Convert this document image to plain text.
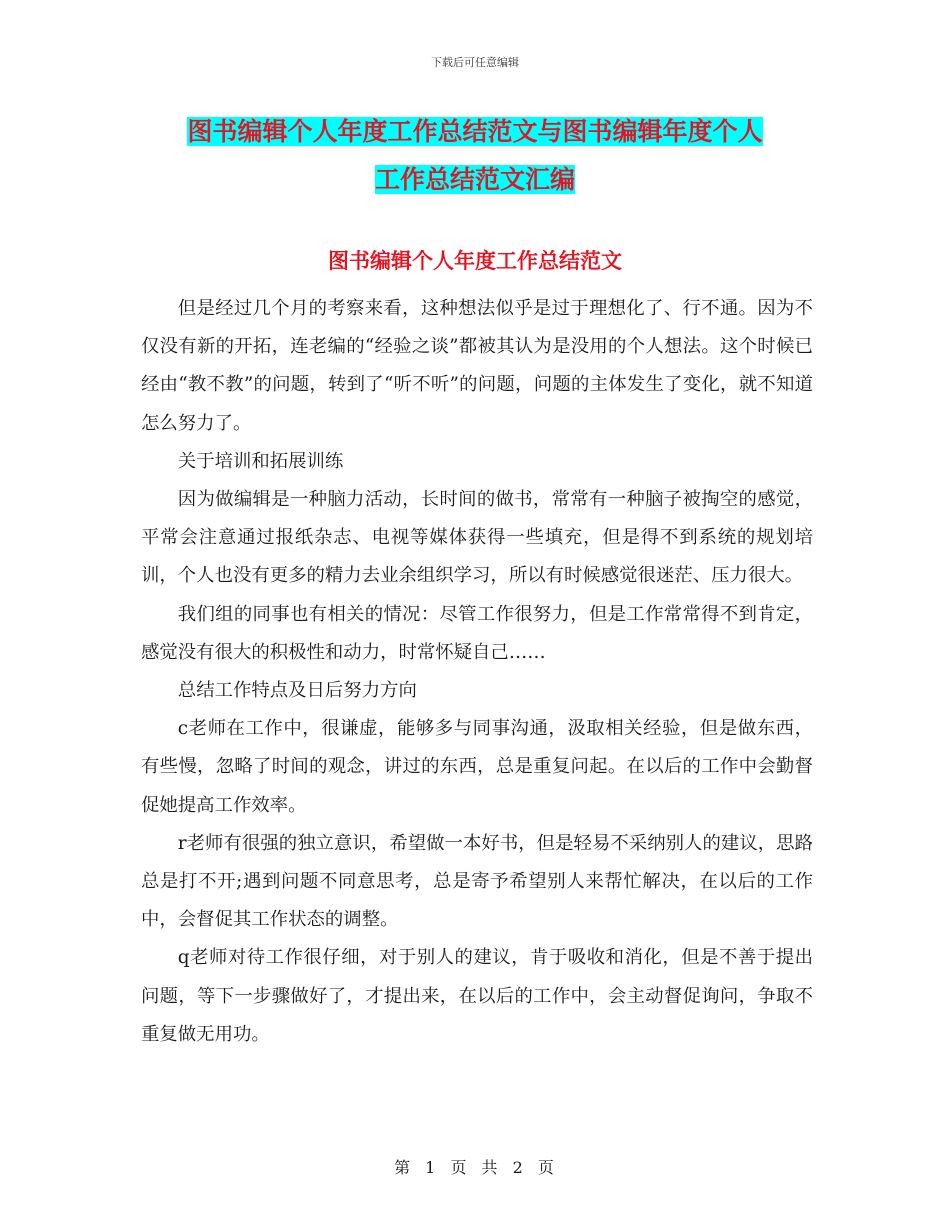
下载后可任意编辑
图书编辑个人年度工作总结范文与图书编辑年度个人
工作总结范文汇编
图书编辑个人年度工作总结范文

但是经过几个月的考察来看，这种想法似乎是过于理想化了、行不通。因为不仅没有新的开拓，连老编的“经验之谈”都被其认为是没用的个人想法。这个时候已经由“教不教”的问题，转到了“听不听”的问题，问题的主体发生了变化，就不知道怎么努力了。

关于培训和拓展训练

因为做编辑是一种脑力活动，长时间的做书，常常有一种脑子被掏空的感觉，平常会注意通过报纸杂志、电视等媒体获得一些填充，但是得不到系统的规划培训，个人也没有更多的精力去业余组织学习，所以有时候感觉很迷茫、压力很大。

我们组的同事也有相关的情况：尽管工作很努力，但是工作常常得不到肯定，感觉没有很大的积极性和动力，时常怀疑自己……

总结工作特点及日后努力方向

c老师在工作中，很谦虚，能够多与同事沟通，汲取相关经验，但是做东西，有些慢，忽略了时间的观念，讲过的东西，总是重复问起。在以后的工作中会勤督促她提高工作效率。

r老师有很强的独立意识，希望做一本好书，但是轻易不采纳别人的建议，思路总是打不开;遇到问题不同意思考，总是寄予希望别人来帮忙解决，在以后的工作中，会督促其工作状态的调整。

q老师对待工作很仔细，对于别人的建议，肯于吸收和消化，但是不善于提出问题，等下一步骤做好了，才提出来，在以后的工作中，会主动督促询问，争取不重复做无用功。

第 1 页 共 2 页
